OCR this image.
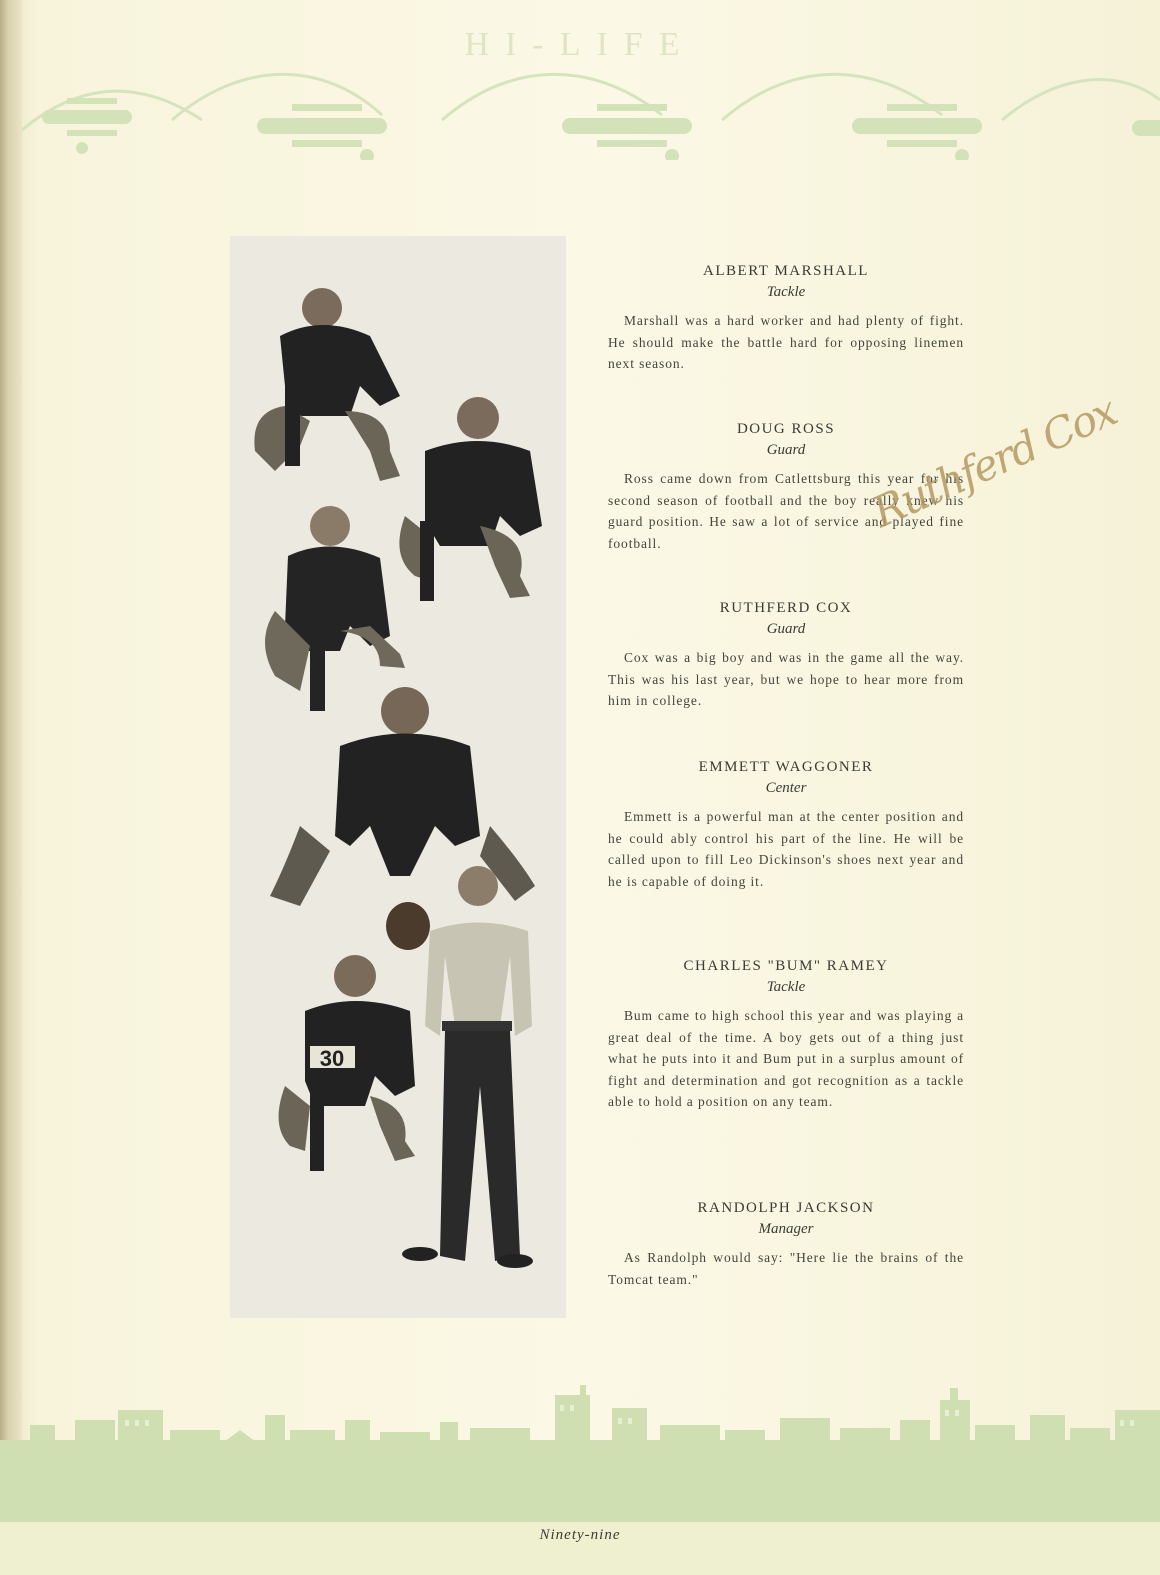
HI-LIFE
30
ALBERT MARSHALL
Tackle

Marshall was a hard worker and had plenty of fight. He should make the battle hard for opposing linemen next season.

DOUG ROSS
Guard

Ross came down from Catlettsburg this year for his second season of football and the boy really knew his guard position. He saw a lot of service and played fine football.

RUTHFERD COX
Guard

Cox was a big boy and was in the game all the way. This was his last year, but we hope to hear more from him in college.

EMMETT WAGGONER
Center

Emmett is a powerful man at the center position and he could ably control his part of the line. He will be called upon to fill Leo Dickinson's shoes next year and he is capable of doing it.

CHARLES "BUM" RAMEY
Tackle

Bum came to high school this year and was playing a great deal of the time. A boy gets out of a thing just what he puts into it and Bum put in a surplus amount of fight and determination and got recognition as a tackle able to hold a position on any team.

RANDOLPH JACKSON
Manager

As Randolph would say: "Here lie the brains of the Tomcat team."

Ruthferd Cox
Ninety-nine
